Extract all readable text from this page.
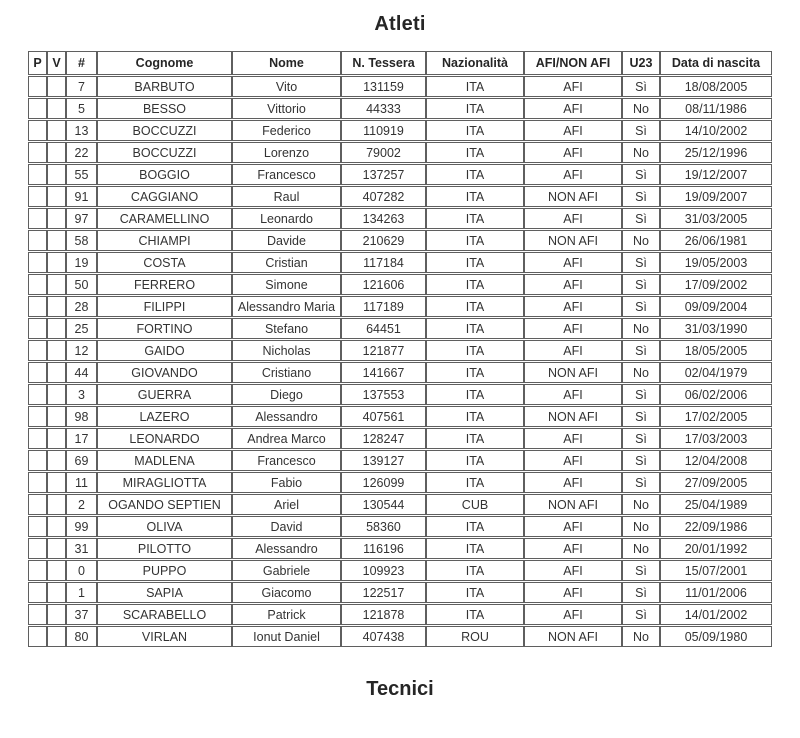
Atleti
P	V	#	Cognome	Nome	N. Tessera	Nazionalità	AFI/NON AFI	U23	Data di nascita
		7	BARBUTO	Vito	131159	ITA	AFI	Sì	18/08/2005
		5	BESSO	Vittorio	44333	ITA	AFI	No	08/11/1986
		13	BOCCUZZI	Federico	110919	ITA	AFI	Sì	14/10/2002
		22	BOCCUZZI	Lorenzo	79002	ITA	AFI	No	25/12/1996
		55	BOGGIO	Francesco	137257	ITA	AFI	Sì	19/12/2007
		91	CAGGIANO	Raul	407282	ITA	NON AFI	Sì	19/09/2007
		97	CARAMELLINO	Leonardo	134263	ITA	AFI	Sì	31/03/2005
		58	CHIAMPI	Davide	210629	ITA	NON AFI	No	26/06/1981
		19	COSTA	Cristian	117184	ITA	AFI	Sì	19/05/2003
		50	FERRERO	Simone	121606	ITA	AFI	Sì	17/09/2002
		28	FILIPPI	Alessandro Maria	117189	ITA	AFI	Sì	09/09/2004
		25	FORTINO	Stefano	64451	ITA	AFI	No	31/03/1990
		12	GAIDO	Nicholas	121877	ITA	AFI	Sì	18/05/2005
		44	GIOVANDO	Cristiano	141667	ITA	NON AFI	No	02/04/1979
		3	GUERRA	Diego	137553	ITA	AFI	Sì	06/02/2006
		98	LAZERO	Alessandro	407561	ITA	NON AFI	Sì	17/02/2005
		17	LEONARDO	Andrea Marco	128247	ITA	AFI	Sì	17/03/2003
		69	MADLENA	Francesco	139127	ITA	AFI	Sì	12/04/2008
		11	MIRAGLIOTTA	Fabio	126099	ITA	AFI	Sì	27/09/2005
		2	OGANDO SEPTIEN	Ariel	130544	CUB	NON AFI	No	25/04/1989
		99	OLIVA	David	58360	ITA	AFI	No	22/09/1986
		31	PILOTTO	Alessandro	116196	ITA	AFI	No	20/01/1992
		0	PUPPO	Gabriele	109923	ITA	AFI	Sì	15/07/2001
		1	SAPIA	Giacomo	122517	ITA	AFI	Sì	11/01/2006
		37	SCARABELLO	Patrick	121878	ITA	AFI	Sì	14/01/2002
		80	VIRLAN	Ionut Daniel	407438	ROU	NON AFI	No	05/09/1980
Tecnici
